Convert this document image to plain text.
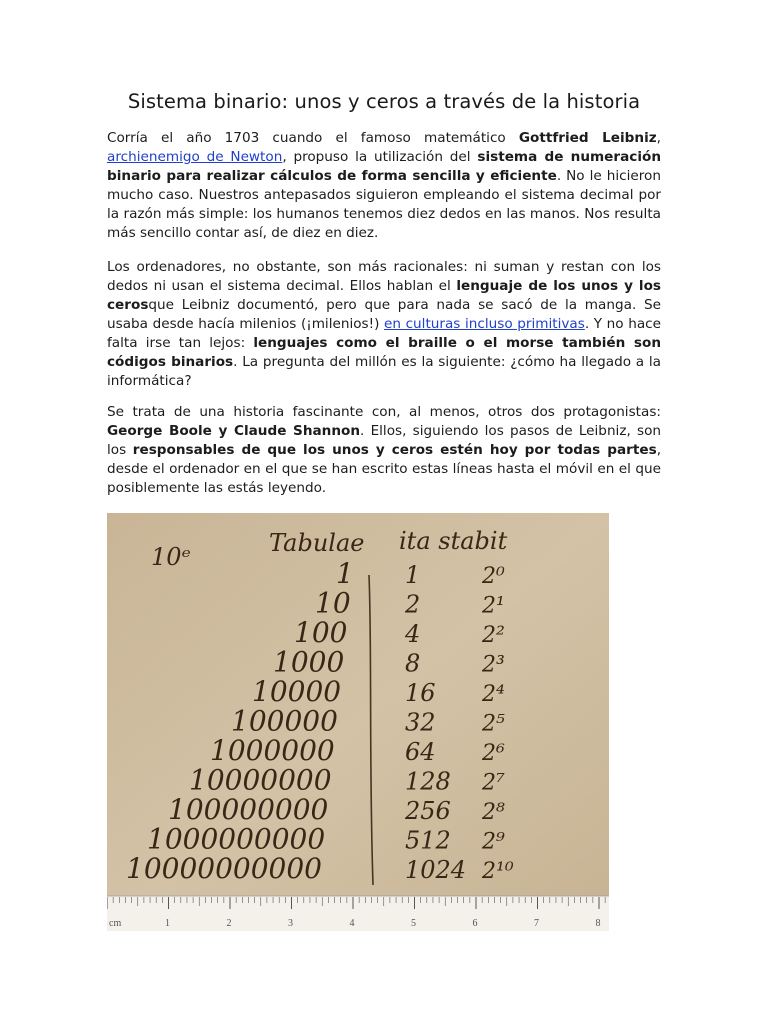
Sistema binario: unos y ceros a través de la historia

Corría el año 1703 cuando el famoso matemático Gottfried Leibniz, archienemigo de Newton, propuso la utilización del sistema de numeración binario para realizar cálculos de forma sencilla y eficiente. No le hicieron mucho caso. Nuestros antepasados siguieron empleando el sistema decimal por la razón más simple: los humanos tenemos diez dedos en las manos. Nos resulta más sencillo contar así, de diez en diez.

Los ordenadores, no obstante, son más racionales: ni suman y restan con los dedos ni usan el sistema decimal. Ellos hablan el lenguaje de los unos y los cerosque Leibniz documentó, pero que para nada se sacó de la manga. Se usaba desde hacía milenios (¡milenios!) en culturas incluso primitivas. Y no hace falta irse tan lejos: lenguajes como el braille o el morse también son códigos binarios. La pregunta del millón es la siguiente: ¿cómo ha llegado a la informática?

Se trata de una historia fascinante con, al menos, otros dos protagonistas: George Boole y Claude Shannon. Ellos, siguiendo los pasos de Leibniz, son los responsables de que los unos y ceros estén hoy por todas partes, desde el ordenador en el que se han escrito estas líneas hasta el móvil en el que posiblemente las estás leyendo.

10ᵉ	Tabulae ita stabit
1 1	2⁰
10 2	2¹
100 4	2²
1000	8	2³
10000	16 2⁴
100000	32 2⁵
1000000	64 2⁶
10000000	128 2⁷
100000000	256 2⁸
1000000000	512 2⁹
10000000000	1024 2¹⁰
1	2	3	4	5	6	7	8
cm
